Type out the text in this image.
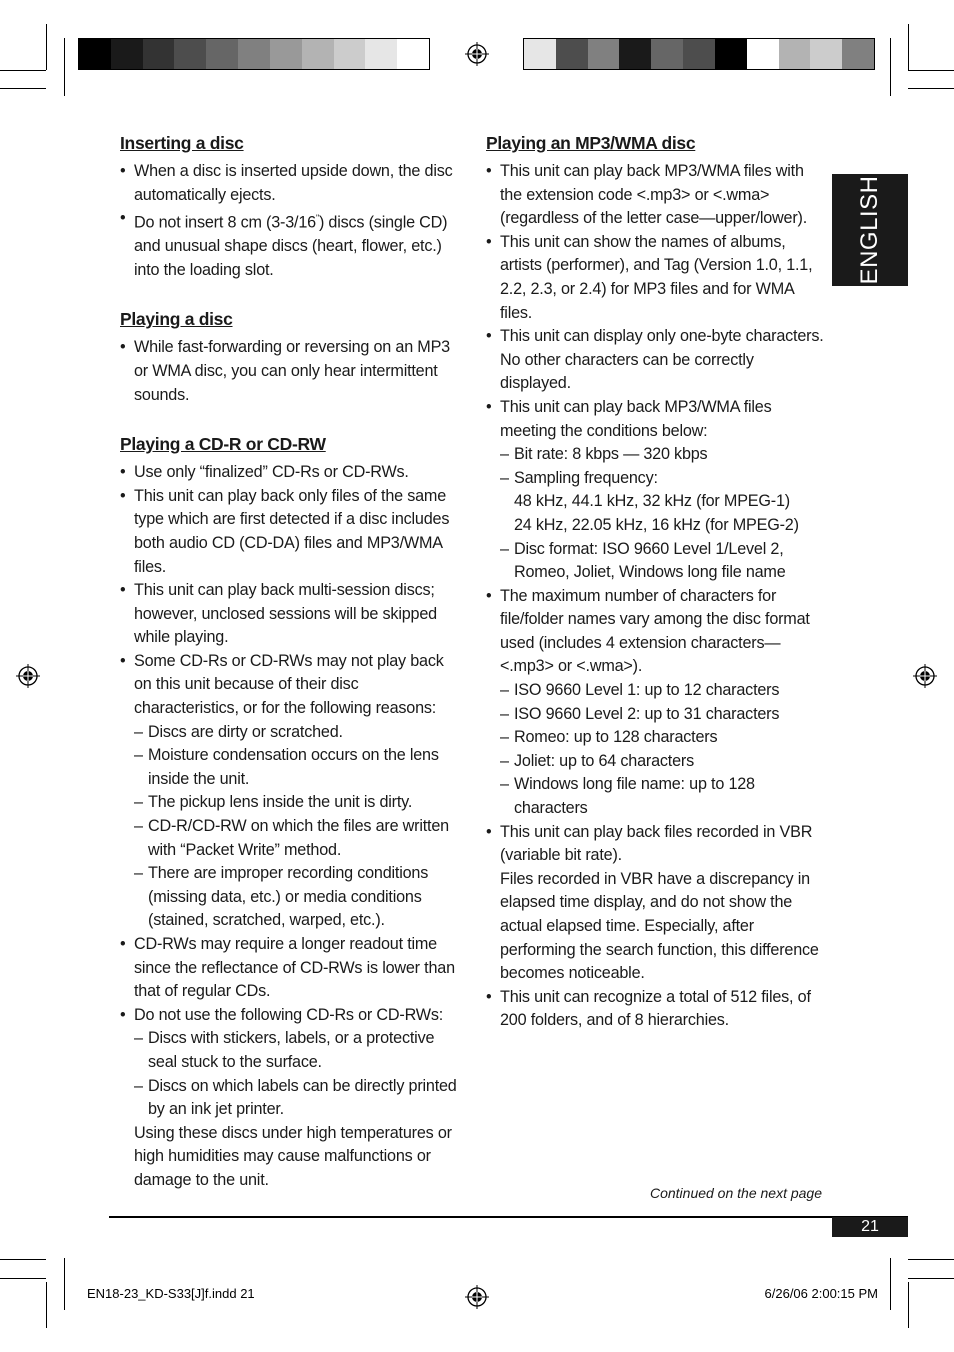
ENGLISH
Inserting a disc
• When a disc is inserted upside down, the disc automatically ejects.
• Do not insert 8 cm (3-3/16") discs (single CD) and unusual shape discs (heart, flower, etc.) into the loading slot.
Playing a disc
• While fast-forwarding or reversing on an MP3 or WMA disc, you can only hear intermittent sounds.
Playing a CD-R or CD-RW
• Use only “finalized” CD-Rs or CD-RWs.
• This unit can play back only files of the same type which are first detected if a disc includes both audio CD (CD-DA) files and MP3/WMA files.
• This unit can play back multi-session discs; however, unclosed sessions will be skipped while playing.
• Some CD-Rs or CD-RWs may not play back on this unit because of their disc characteristics, or for the following reasons:
– Discs are dirty or scratched.
– Moisture condensation occurs on the lens inside the unit.
– The pickup lens inside the unit is dirty.
– CD-R/CD-RW on which the files are written with “Packet Write” method.
– There are improper recording conditions (missing data, etc.) or media conditions (stained, scratched, warped, etc.).
• CD-RWs may require a longer readout time since the reflectance of CD-RWs is lower than that of regular CDs.
• Do not use the following CD-Rs or CD-RWs:
– Discs with stickers, labels, or a protective seal stuck to the surface.
– Discs on which labels can be directly printed by an ink jet printer.
Using these discs under high temperatures or high humidities may cause malfunctions or damage to the unit.
Playing an MP3/WMA disc
• This unit can play back MP3/WMA files with the extension code <.mp3> or <.wma> (regardless of the letter case—upper/lower).
• This unit can show the names of albums, artists (performer), and Tag (Version 1.0, 1.1, 2.2, 2.3, or 2.4) for MP3 files and for WMA files.
• This unit can display only one-byte characters. No other characters can be correctly displayed.
• This unit can play back MP3/WMA files meeting the conditions below:
– Bit rate: 8 kbps — 320 kbps
– Sampling frequency:
48 kHz, 44.1 kHz, 32 kHz (for MPEG-1)
24 kHz, 22.05 kHz, 16 kHz (for MPEG-2)
– Disc format: ISO 9660 Level 1/Level 2, Romeo, Joliet, Windows long file name
• The maximum number of characters for file/folder names vary among the disc format used (includes 4 extension characters—<.mp3> or <.wma>).
– ISO 9660 Level 1: up to 12 characters
– ISO 9660 Level 2: up to 31 characters
– Romeo: up to 128 characters
– Joliet: up to 64 characters
– Windows long file name: up to 128 characters
• This unit can play back files recorded in VBR (variable bit rate).
Files recorded in VBR have a discrepancy in elapsed time display, and do not show the actual elapsed time. Especially, after performing the search function, this difference becomes noticeable.
• This unit can recognize a total of 512 files, of 200 folders, and of 8 hierarchies.
Continued on the next page
21
EN18-23_KD-S33[J]f.indd 21	6/26/06 2:00:15 PM
